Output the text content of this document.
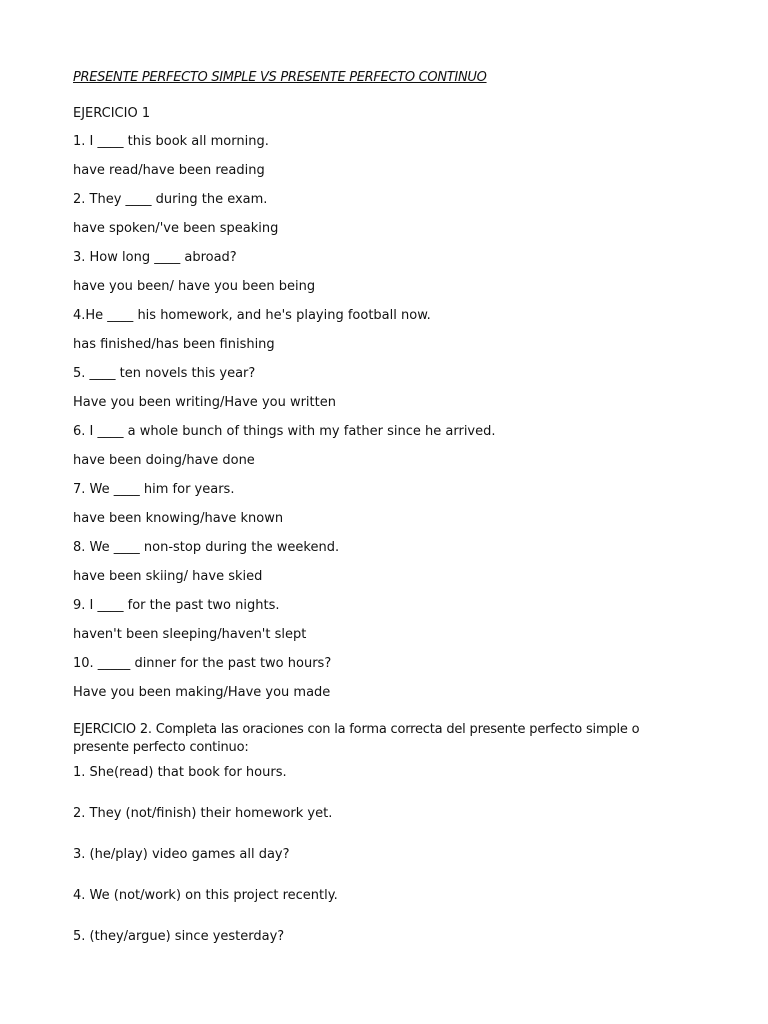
PRESENTE PERFECTO SIMPLE VS PRESENTE PERFECTO CONTINUO
EJERCICIO 1
1. I ____ this book all morning.
have read/have been reading
2. They ____ during the exam.
have spoken/'ve been speaking
3. How long ____ abroad?
have you been/ have you been being
4.He ____ his homework, and he's playing football now.
has finished/has been finishing
5. ____ ten novels this year?
Have you been writing/Have you written
6. I ____ a whole bunch of things with my father since he arrived.
have been doing/have done
7. We ____ him for years.
have been knowing/have known
8. We ____ non-stop during the weekend.
have been skiing/ have skied
9. I ____ for the past two nights.
haven't been sleeping/haven't slept
10. _____ dinner for the past two hours?
Have you been making/Have you made
EJERCICIO 2. Completa las oraciones con la forma correcta del presente perfecto simple o presente perfecto continuo:
1. She(read) that book for hours.
2. They (not/finish) their homework yet.
3. (he/play) video games all day?
4. We (not/work) on this project recently.
5. (they/argue) since yesterday?
